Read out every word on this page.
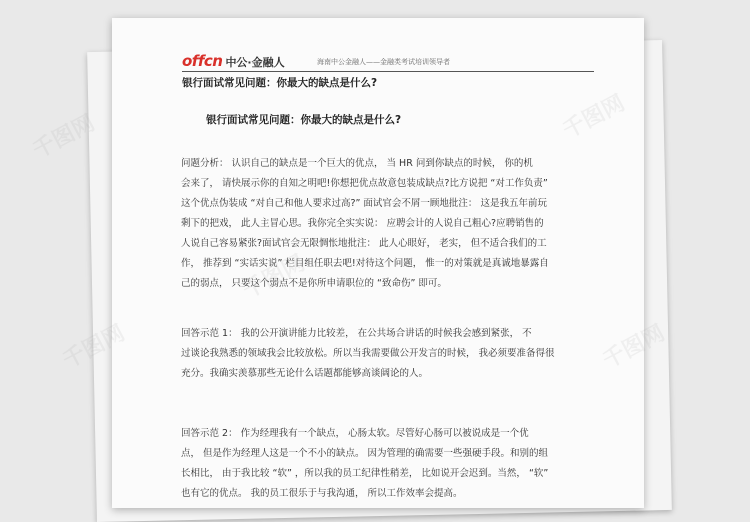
offcn 中公·金融人	海南中公金融人——金融类考试培训领导者
银行面试常见问题：你最大的缺点是什么?
银行面试常见问题：你最大的缺点是什么?
问题分析： 认识自己的缺点是一个巨大的优点， 当 HR 问到你缺点的时候， 你的机
会来了， 请快展示你的自知之明吧!你想把优点故意包装成缺点?比方说把 “对工作负责”
这个优点伪装成 “对自己和他人要求过高?” 面试官会不屑一顾地批注： 这是我五年前玩
剩下的把戏， 此人主冒心思。我你完全实实说： 应聘会计的人说自己粗心?应聘销售的
人说自己容易紧张?面试官会无限惆怅地批注： 此人心眼好， 老实， 但不适合我们的工
作， 推荐到 “实话实说” 栏目组任职去吧!对待这个问题， 惟一的对策就是真诚地暴露自
己的弱点， 只要这个弱点不是你所申请职位的 “致命伤” 即可。
回答示范 1： 我的公开演讲能力比较差， 在公共场合讲话的时候我会感到紧张， 不
过谈论我熟悉的领域我会比较放松。所以当我需要做公开发言的时候， 我必须要准备得很
充分。我确实羡慕那些无论什么话题都能够高谈阔论的人。
回答示范 2： 作为经理我有一个缺点， 心肠太软。尽管好心肠可以被说成是一个优
点， 但是作为经理人这是一个不小的缺点。 因为管理的确需要一些强硬手段。和别的组
长相比， 由于我比较 “软” ，所以我的员工纪律性稍差， 比如说开会迟到。当然， “软”
也有它的优点。 我的员工很乐于与我沟通， 所以工作效率会提高。
千图网
